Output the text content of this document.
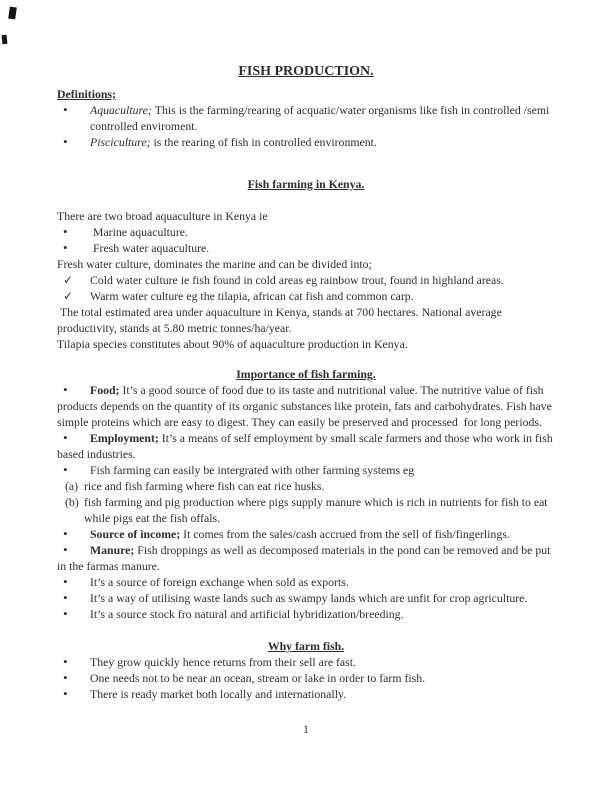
FISH PRODUCTION.

Definitions;

• Aquaculture; This is the farming/rearing of acquatic/water organisms like fish in controlled /semi controlled enviroment.
• Pisciculture; is the rearing of fish in controlled environment.

Fish farming in Kenya.

There are two broad aquaculture in Kenya ie

• Marine aquaculture.
• Fresh water aquaculture.

Fresh water culture, dominates the marine and can be divided into;

✓ Cold water culture ie fish found in cold areas eg rainbow trout, found in highland areas.
✓ Warm water culture eg the tilapia, african cat fish and common carp.

The total estimated area under aquaculture in Kenya, stands at 700 hectares. National average productivity, stands at 5.80 metric tonnes/ha/year.

Tilapia species constitutes about 90% of aquaculture production in Kenya.

Importance of fish farming.

• Food; It’s a good source of food due to its taste and nutritional value. The nutritive value of fish products depends on the quantity of its organic substances like protein, fats and carbohydrates. Fish have simple proteins which are easy to digest. They can easily be preserved and processed  for long periods.
• Employment; It’s a means of self employment by small scale farmers and those who work in fish based industries.
• Fish farming can easily be intergrated with other farming systems eg
(a) rice and fish farming where fish can eat rice husks.
(b) fish farming and pig production where pigs supply manure which is rich in nutrients for fish to eat while pigs eat the fish offals.
• Source of income; It comes from the sales/cash accrued from the sell of fish/fingerlings.
• Manure; Fish droppings as well as decomposed materials in the pond can be removed and be put in the farmas manure.
• It’s a source of foreign exchange when sold as exports.
• It’s a way of utilising waste lands such as swampy lands which are unfit for crop agriculture.
• It’s a source stock fro natural and artificial hybridization/breeding.

Why farm fish.

• They grow quickly hence returns from their sell are fast.
• One needs not to be near an ocean, stream or lake in order to farm fish.
• There is ready market both locally and internationally.
1
